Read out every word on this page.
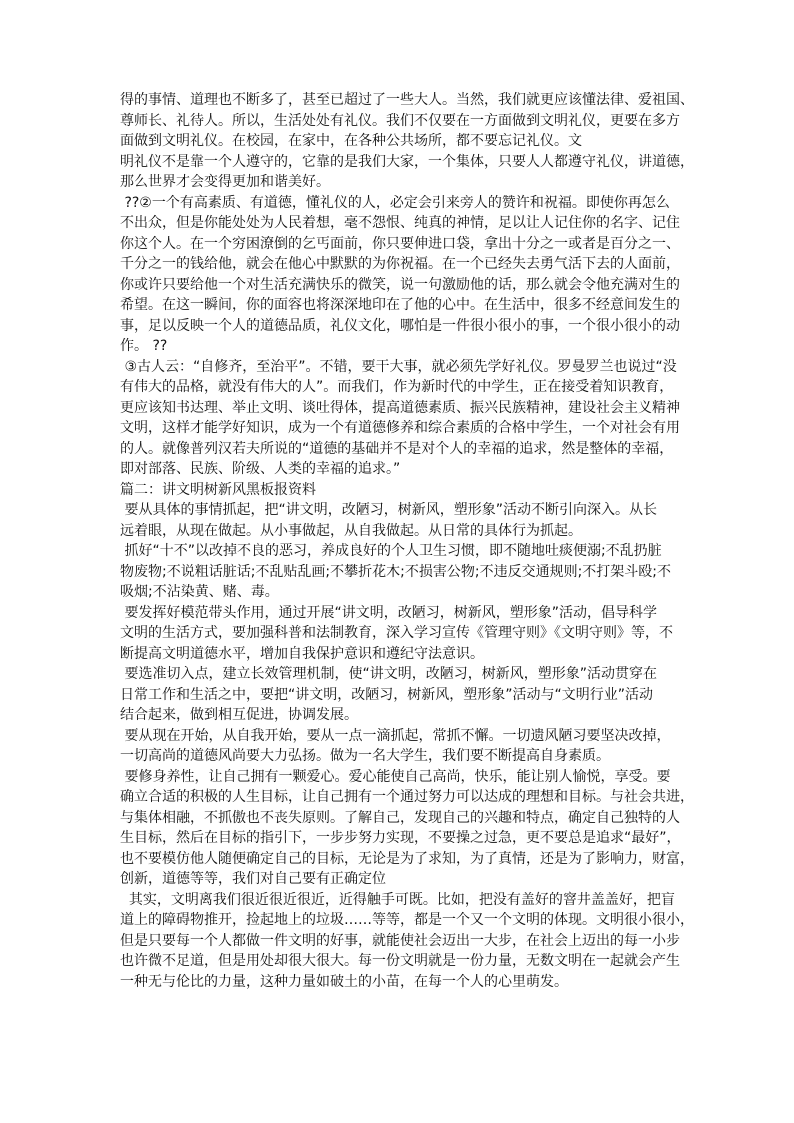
得的事情、道理也不断多了，甚至已超过了一些大人。当然，我们就更应该懂法律、爱祖国、
尊师长、礼待人。所以，生活处处有礼仪。我们不仅要在一方面做到文明礼仪，更要在多方
面做到文明礼仪。在校园，在家中，在各种公共场所，都不要忘记礼仪。文
明礼仪不是靠一个人遵守的，它靠的是我们大家，一个集体，只要人人都遵守礼仪，讲道德，
那么世界才会变得更加和谐美好。
??②一个有高素质、有道德，懂礼仪的人，必定会引来旁人的赞许和祝福。即使你再怎么
不出众，但是你能处处为人民着想，毫不怨恨、纯真的神情，足以让人记住你的名字、记住
你这个人。在一个穷困潦倒的乞丐面前，你只要伸进口袋，拿出十分之一或者是百分之一、
千分之一的钱给他，就会在他心中默默的为你祝福。在一个已经失去勇气活下去的人面前，
你或许只要给他一个对生活充满快乐的微笑，说一句激励他的话，那么就会令他充满对生的
希望。在这一瞬间，你的面容也将深深地印在了他的心中。在生活中，很多不经意间发生的
事，足以反映一个人的道德品质，礼仪文化，哪怕是一件很小很小的事，一个很小很小的动
作。 ??
③古人云：“自修齐，至治平”。不错，要干大事，就必须先学好礼仪。罗曼罗兰也说过“没
有伟大的品格，就没有伟大的人”。而我们，作为新时代的中学生，正在接受着知识教育，
更应该知书达理、举止文明、谈吐得体，提高道德素质、振兴民族精神，建设社会主义精神
文明，这样才能学好知识，成为一个有道德修养和综合素质的合格中学生，一个对社会有用
的人。就像普列汉若夫所说的“道德的基础并不是对个人的幸福的追求，然是整体的幸福，
即对部落、民族、阶级、人类的幸福的追求。”
篇二：讲文明树新风黑板报资料
要从具体的事情抓起，把“讲文明，改陋习，树新风，塑形象”活动不断引向深入。从长
远着眼，从现在做起。从小事做起，从自我做起。从日常的具体行为抓起。
抓好“十不”以改掉不良的恶习，养成良好的个人卫生习惯，即不随地吐痰便溺;不乱扔脏
物废物;不说粗话脏话;不乱贴乱画;不攀折花木;不损害公物;不违反交通规则;不打架斗殴;不
吸烟;不沾染黄、赌、毒。
要发挥好模范带头作用，通过开展“讲文明，改陋习，树新风，塑形象”活动，倡导科学
文明的生活方式，要加强科普和法制教育，深入学习宣传《管理守则》《文明守则》等，不
断提高文明道德水平，增加自我保护意识和遵纪守法意识。
要选准切入点，建立长效管理机制，使“讲文明，改陋习，树新风，塑形象”活动贯穿在
日常工作和生活之中，要把“讲文明，改陋习，树新风，塑形象”活动与“文明行业”活动
结合起来，做到相互促进，协调发展。
要从现在开始，从自我开始，要从一点一滴抓起，常抓不懈。一切遗风陋习要坚决改掉，
一切高尚的道德风尚要大力弘扬。做为一名大学生，我们要不断提高自身素质。
要修身养性，让自己拥有一颗爱心。爱心能使自己高尚，快乐，能让别人愉悦，享受。要
确立合适的积极的人生目标，让自己拥有一个通过努力可以达成的理想和目标。与社会共进，
与集体相融，不抓傲也不丧失原则。了解自己，发现自己的兴趣和特点，确定自己独特的人
生目标，然后在目标的指引下，一步步努力实现，不要操之过急，更不要总是追求“最好”，
也不要模仿他人随便确定自己的目标，无论是为了求知，为了真情，还是为了影响力，财富，
创新，道德等等，我们对自己要有正确定位
其实，文明离我们很近很近很近，近得触手可既。比如，把没有盖好的窨井盖盖好，把盲
道上的障碍物推开，捡起地上的垃圾……等等，都是一个又一个文明的体现。文明很小很小，
但是只要每一个人都做一件文明的好事，就能使社会迈出一大步，在社会上迈出的每一小步
也许微不足道，但是用处却很大很大。每一份文明就是一份力量，无数文明在一起就会产生
一种无与伦比的力量，这种力量如破土的小苗，在每一个人的心里萌发。
